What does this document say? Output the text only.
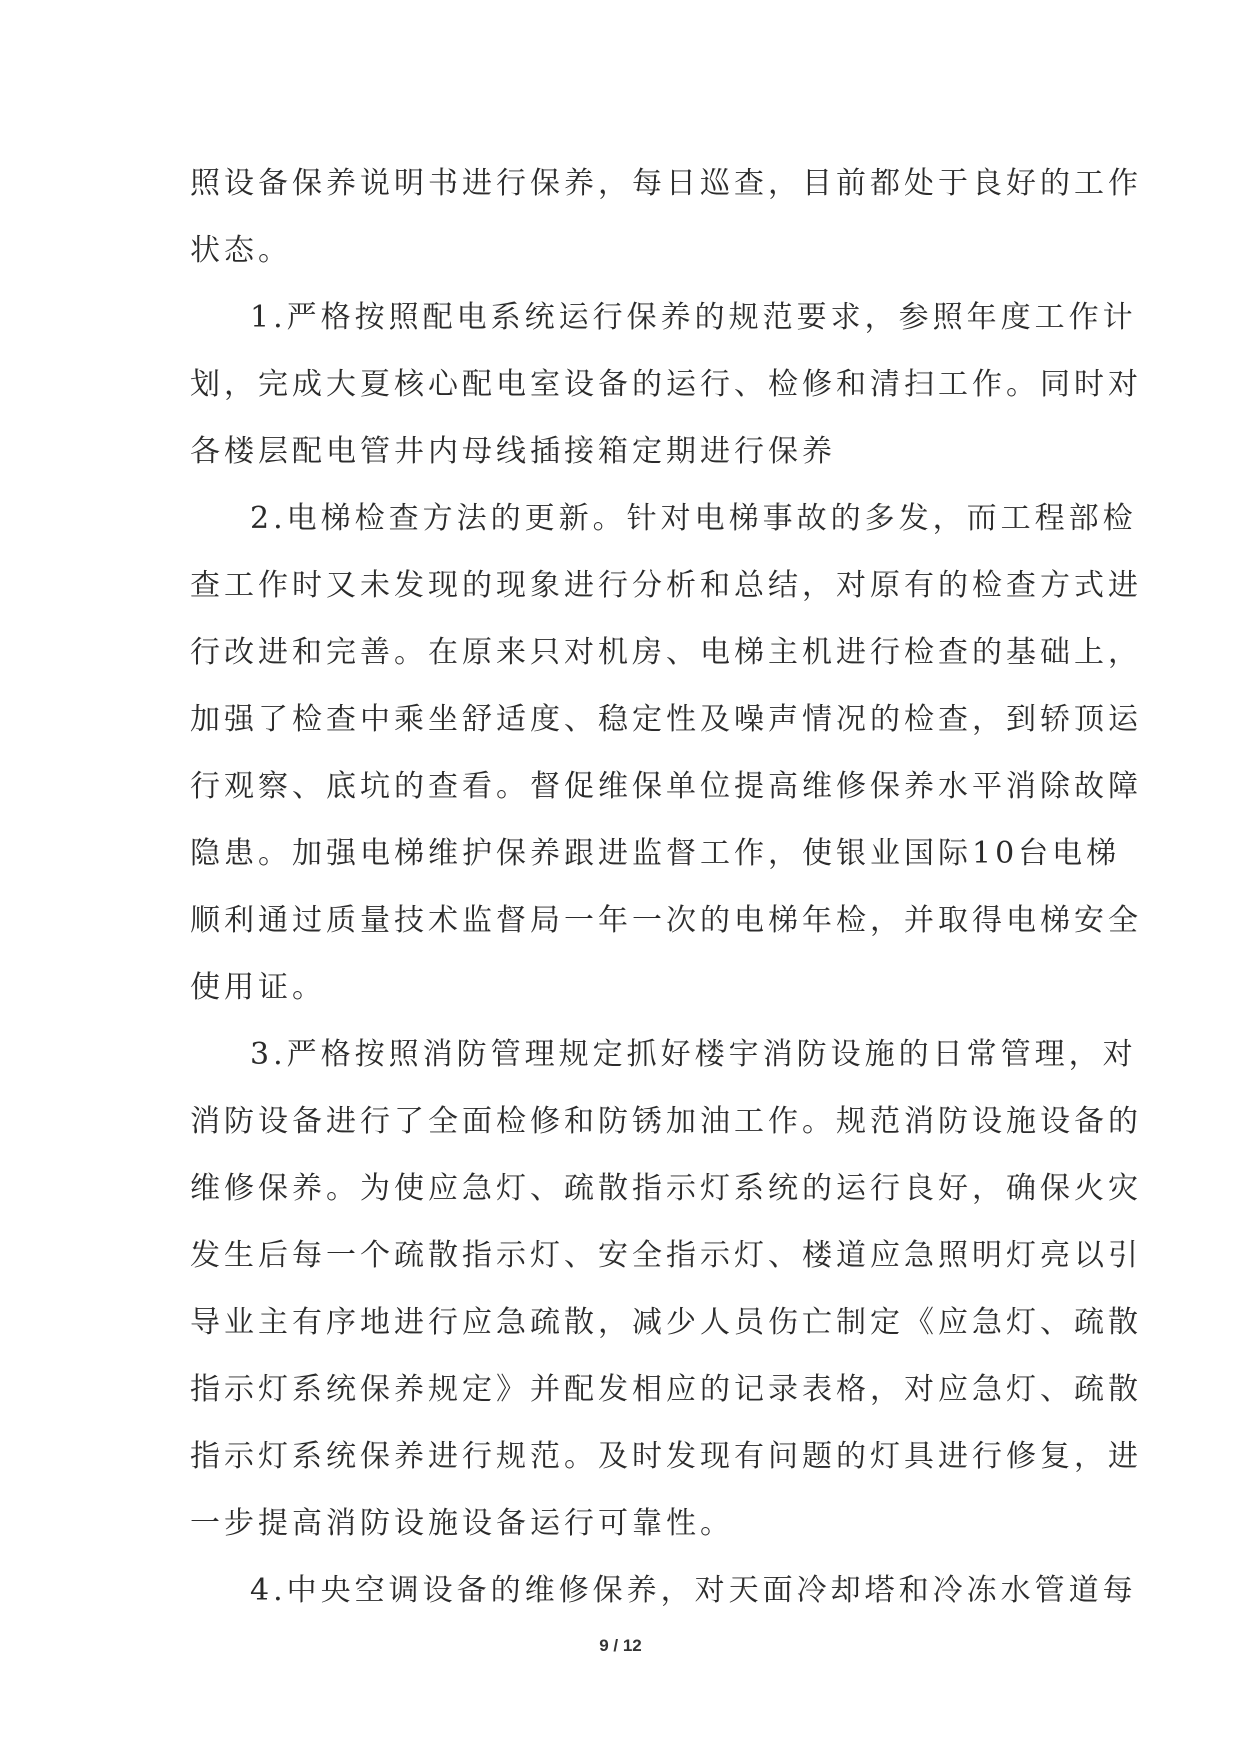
照设备保养说明书进行保养，每日巡查，目前都处于良好的工作
状态。
1.严格按照配电系统运行保养的规范要求，参照年度工作计
划，完成大夏核心配电室设备的运行、检修和清扫工作。同时对
各楼层配电管井内母线插接箱定期进行保养
2.电梯检查方法的更新。针对电梯事故的多发，而工程部检
查工作时又未发现的现象进行分析和总结，对原有的检查方式进
行改进和完善。在原来只对机房、电梯主机进行检查的基础上，
加强了检查中乘坐舒适度、稳定性及噪声情况的检查，到轿顶运
行观察、底坑的查看。督促维保单位提高维修保养水平消除故障
隐患。加强电梯维护保养跟进监督工作，使银业国际10台电梯
顺利通过质量技术监督局一年一次的电梯年检，并取得电梯安全
使用证。
3.严格按照消防管理规定抓好楼宇消防设施的日常管理，对
消防设备进行了全面检修和防锈加油工作。规范消防设施设备的
维修保养。为使应急灯、疏散指示灯系统的运行良好，确保火灾
发生后每一个疏散指示灯、安全指示灯、楼道应急照明灯亮以引
导业主有序地进行应急疏散，减少人员伤亡制定《应急灯、疏散
指示灯系统保养规定》并配发相应的记录表格，对应急灯、疏散
指示灯系统保养进行规范。及时发现有问题的灯具进行修复，进
一步提高消防设施设备运行可靠性。
4.中央空调设备的维修保养，对天面冷却塔和冷冻水管道每
9 / 12
